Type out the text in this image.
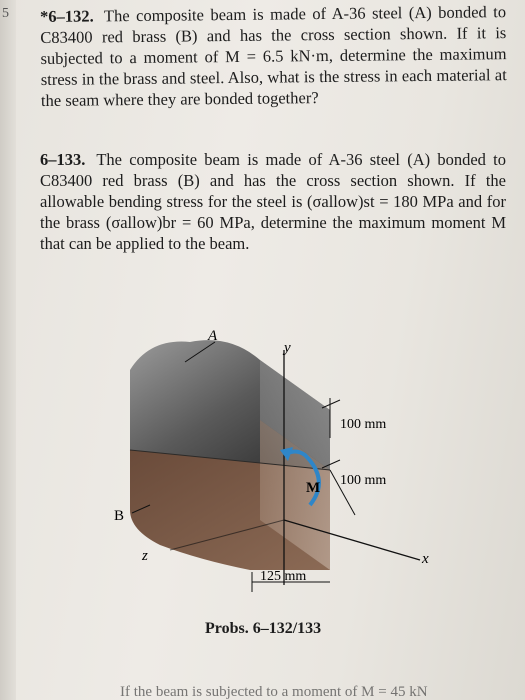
5 *6–132. The composite beam is made of A-36 steel (A) bonded to C83400 red brass (B) and has the cross section shown. If it is subjected to a moment of M = 6.5 kN·m, determine the maximum stress in the brass and steel. Also, what is the stress in each material at the seam where they are bonded together?
6–133. The composite beam is made of A-36 steel (A) bonded to C83400 red brass (B) and has the cross section shown. If the allowable bending stress for the steel is (σallow)st = 180 MPa and for the brass (σallow)br = 60 MPa, determine the maximum moment M that can be applied to the beam.
A
y
B
z	x
M
100 mm
100 mm
125 mm
Probs. 6–132/133
If the beam is subjected to a moment of M = 45 kN
